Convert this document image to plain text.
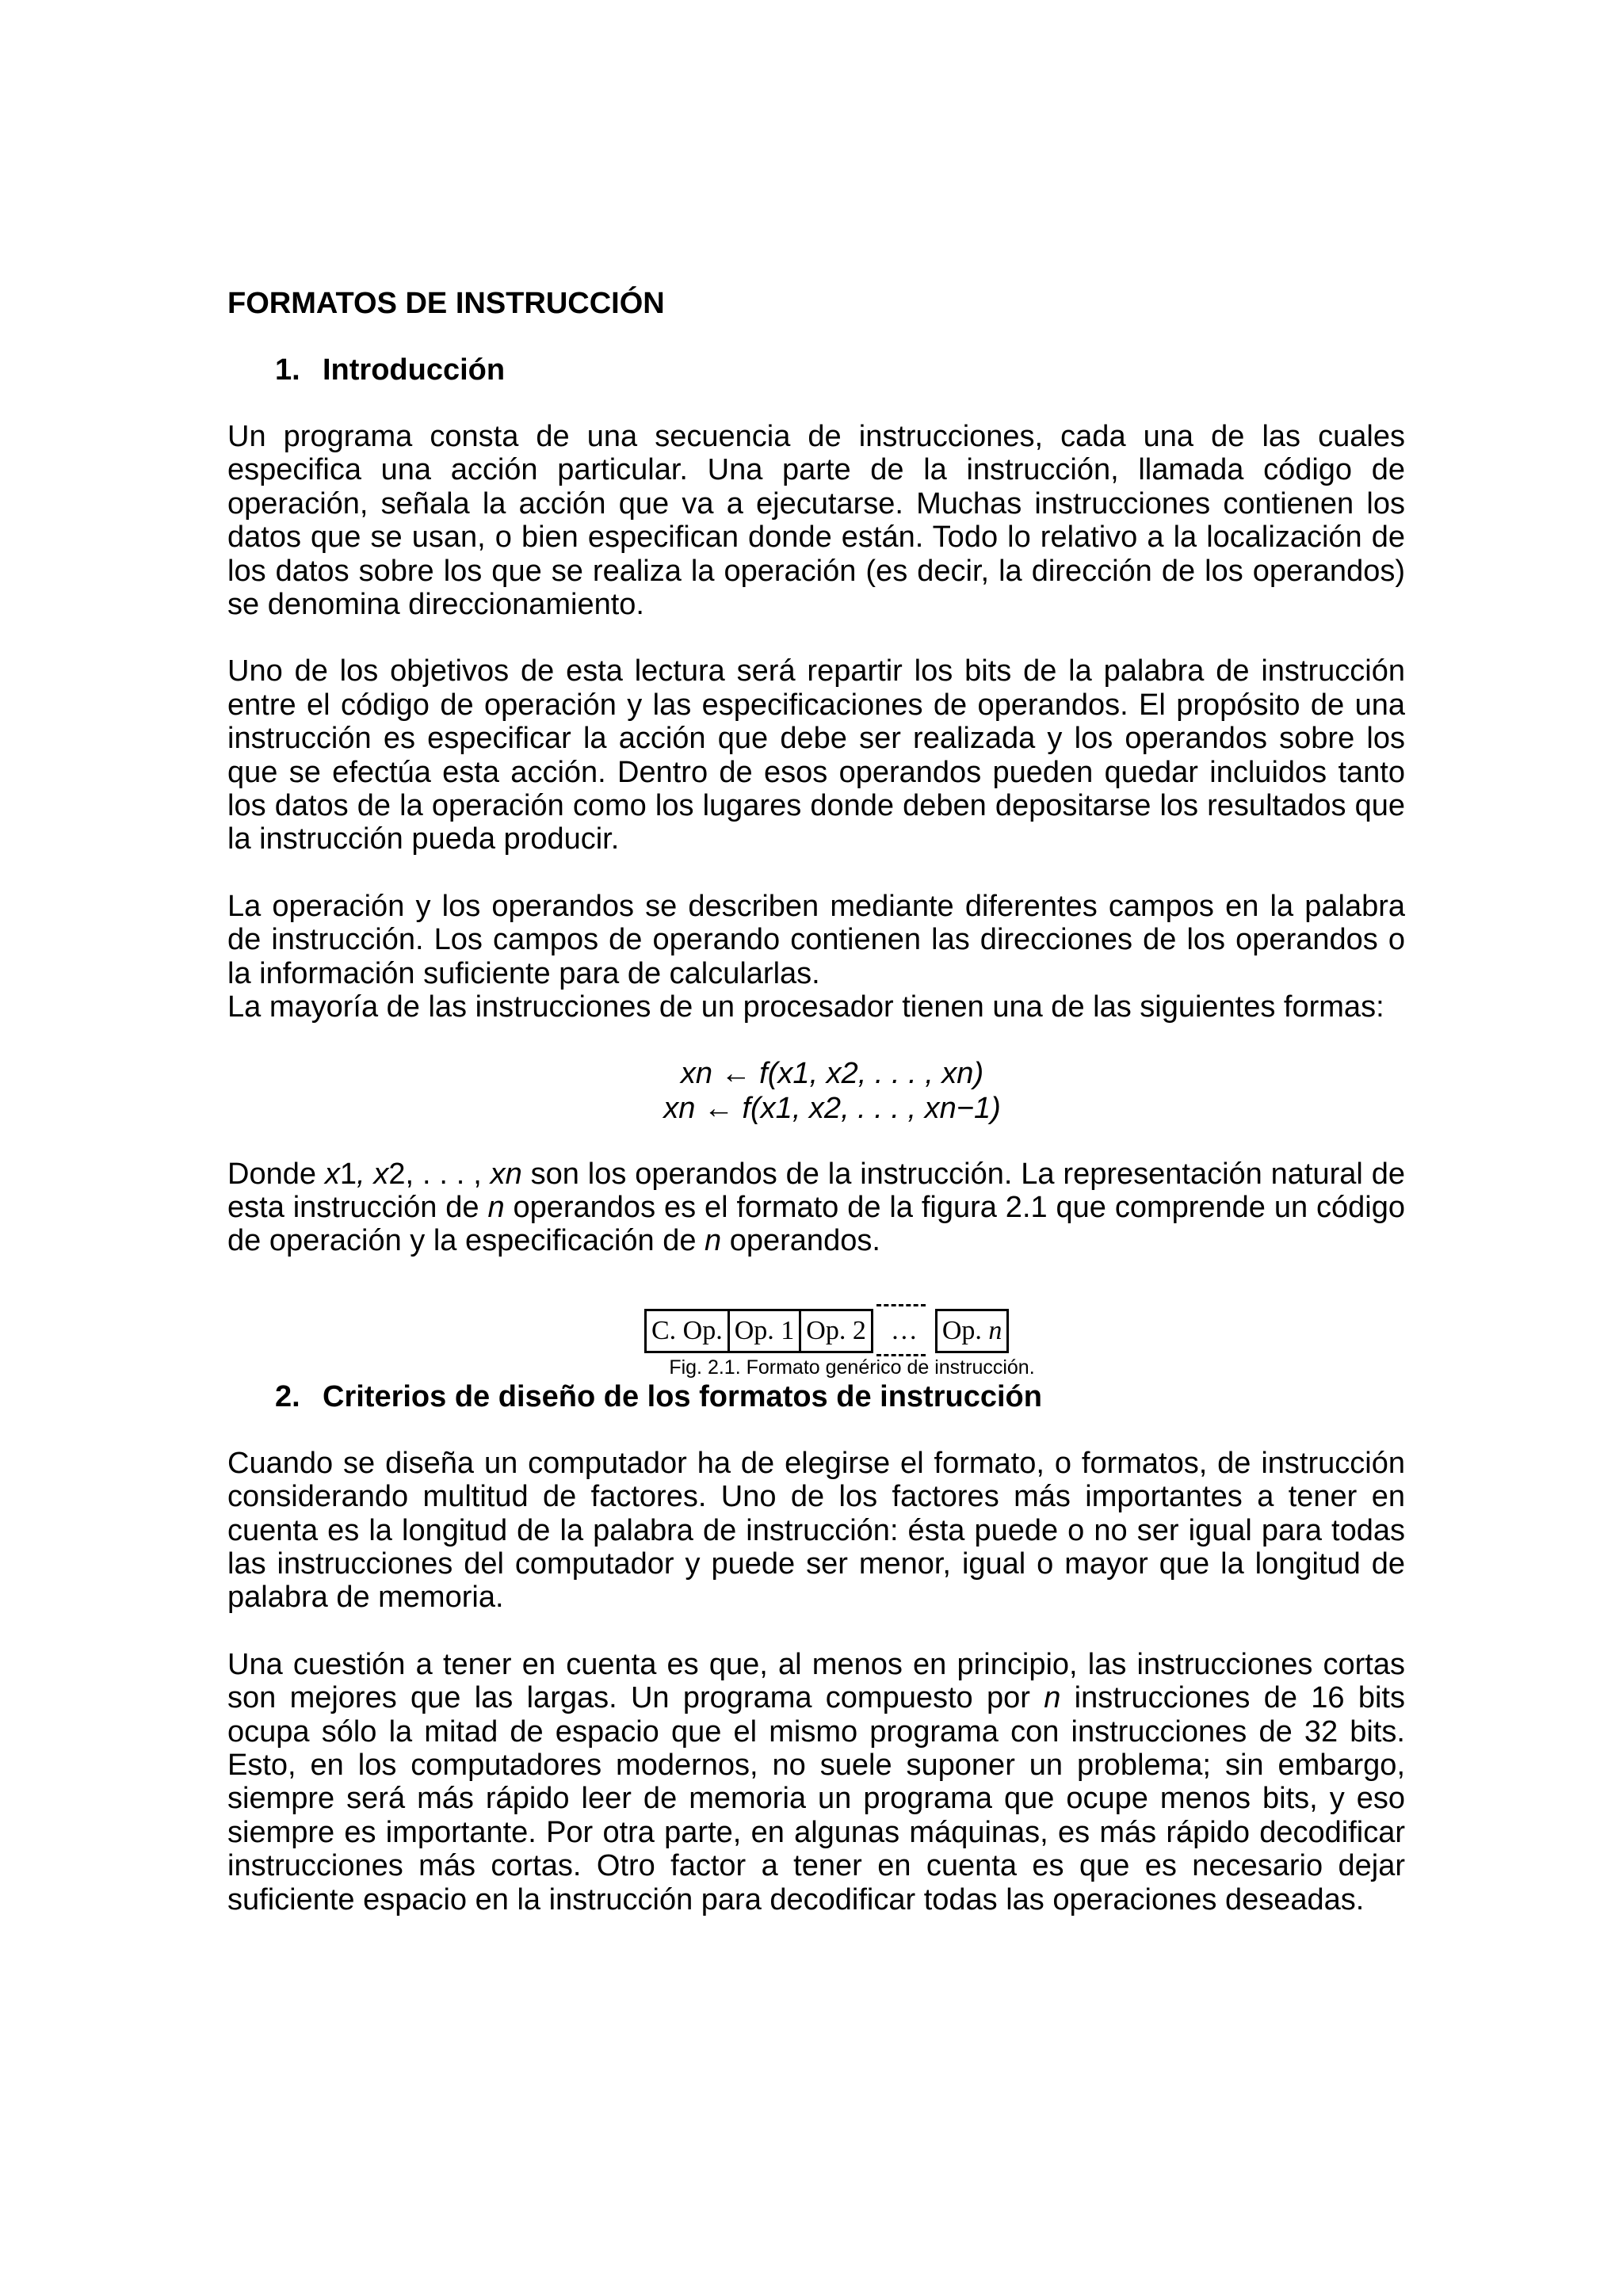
FORMATOS DE INSTRUCCIÓN
1. Introducción

Un programa consta de una secuencia de instrucciones, cada una de las cuales especifica una acción particular. Una parte de la instrucción, llamada código de operación, señala la acción que va a ejecutarse. Muchas instrucciones contienen los datos que se usan, o bien especifican donde están. Todo lo relativo a la localización de los datos sobre los que se realiza la operación (es decir, la dirección de los operandos) se denomina direccionamiento.

Uno de los objetivos de esta lectura será repartir los bits de la palabra de instrucción entre el código de operación y las especificaciones de operandos. El propósito de una instrucción es especificar la acción que debe ser realizada y los operandos sobre los que se efectúa esta acción. Dentro de esos operandos pueden quedar incluidos tanto los datos de la operación como los lugares donde deben depositarse los resultados que la instrucción pueda producir.

La operación y los operandos se describen mediante diferentes campos en la palabra de instrucción. Los campos de operando contienen las direcciones de los operandos o la información suficiente para de calcularlas.

La mayoría de las instrucciones de un procesador tienen una de las siguientes formas:

xn ← f(x1, x2, . . . , xn)
xn ← f(x1, x2, . . . , xn−1)

Donde x1, x2, . . . , xn son los operandos de la instrucción. La representación natural de esta instrucción de n operandos es el formato de la figura 2.1 que comprende un código de operación y la especificación de n operandos.

C. Op. Op. 1 Op. 2 … Op. n
Fig. 2.1. Formato genérico de instrucción.
2. Criterios de diseño de los formatos de instrucción

Cuando se diseña un computador ha de elegirse el formato, o formatos, de instrucción considerando multitud de factores. Uno de los factores más importantes a tener en cuenta es la longitud de la palabra de instrucción: ésta puede o no ser igual para todas las instrucciones del computador y puede ser menor, igual o mayor que la longitud de palabra de memoria.

Una cuestión a tener en cuenta es que, al menos en principio, las instrucciones cortas son mejores que las largas. Un programa compuesto por n instrucciones de 16 bits ocupa sólo la mitad de espacio que el mismo programa con instrucciones de 32 bits. Esto, en los computadores modernos, no suele suponer un problema; sin embargo, siempre será más rápido leer de memoria un programa que ocupe menos bits, y eso siempre es importante. Por otra parte, en algunas máquinas, es más rápido decodificar instrucciones más cortas. Otro factor a tener en cuenta es que es necesario dejar suficiente espacio en la instrucción para decodificar todas las operaciones deseadas.
